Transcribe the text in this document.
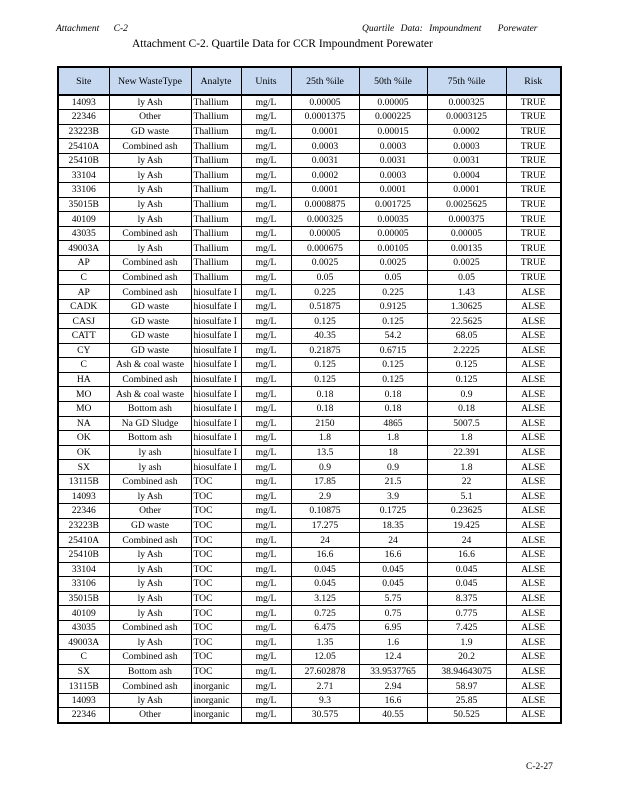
Attachment C-2	Quartile Data: Impoundment Porewater
Attachment C-2. Quartile Data for CCR Impoundment Porewater
Site	New WasteType	Analyte	Units	25th %ile	50th %ile	75th %ile	Risk
14093	ly Ash	Thallium	mg/L	0.00005	0.00005	0.000325	TRUE
22346	Other	Thallium	mg/L	0.0001375	0.000225	0.0003125	TRUE
23223B	GD waste	Thallium	mg/L	0.0001	0.00015	0.0002	TRUE
25410A	Combined ash	Thallium	mg/L	0.0003	0.0003	0.0003	TRUE
25410B	ly Ash	Thallium	mg/L	0.0031	0.0031	0.0031	TRUE
33104	ly Ash	Thallium	mg/L	0.0002	0.0003	0.0004	TRUE
33106	ly Ash	Thallium	mg/L	0.0001	0.0001	0.0001	TRUE
35015B	ly Ash	Thallium	mg/L	0.0008875	0.001725	0.0025625	TRUE
40109	ly Ash	Thallium	mg/L	0.000325	0.00035	0.000375	TRUE
43035	Combined ash	Thallium	mg/L	0.00005	0.00005	0.00005	TRUE
49003A	ly Ash	Thallium	mg/L	0.000675	0.00105	0.00135	TRUE
AP	Combined ash	Thallium	mg/L	0.0025	0.0025	0.0025	TRUE
C	Combined ash	Thallium	mg/L	0.05	0.05	0.05	TRUE
AP	Combined ash	hiosulfate I	mg/L	0.225	0.225	1.43	ALSE
CADK	GD waste	hiosulfate I	mg/L	0.51875	0.9125	1.30625	ALSE
CASJ	GD waste	hiosulfate I	mg/L	0.125	0.125	22.5625	ALSE
CATT	GD waste	hiosulfate I	mg/L	40.35	54.2	68.05	ALSE
CY	GD waste	hiosulfate I	mg/L	0.21875	0.6715	2.2225	ALSE
C	Ash & coal waste	hiosulfate I	mg/L	0.125	0.125	0.125	ALSE
HA	Combined ash	hiosulfate I	mg/L	0.125	0.125	0.125	ALSE
MO	Ash & coal waste	hiosulfate I	mg/L	0.18	0.18	0.9	ALSE
MO	Bottom ash	hiosulfate I	mg/L	0.18	0.18	0.18	ALSE
NA	Na GD Sludge	hiosulfate I	mg/L	2150	4865	5007.5	ALSE
OK	Bottom ash	hiosulfate I	mg/L	1.8	1.8	1.8	ALSE
OK	ly ash	hiosulfate I	mg/L	13.5	18	22.391	ALSE
SX	ly ash	hiosulfate I	mg/L	0.9	0.9	1.8	ALSE
13115B	Combined ash	TOC	mg/L	17.85	21.5	22	ALSE
14093	ly Ash	TOC	mg/L	2.9	3.9	5.1	ALSE
22346	Other	TOC	mg/L	0.10875	0.1725	0.23625	ALSE
23223B	GD waste	TOC	mg/L	17.275	18.35	19.425	ALSE
25410A	Combined ash	TOC	mg/L	24	24	24	ALSE
25410B	ly Ash	TOC	mg/L	16.6	16.6	16.6	ALSE
33104	ly Ash	TOC	mg/L	0.045	0.045	0.045	ALSE
33106	ly Ash	TOC	mg/L	0.045	0.045	0.045	ALSE
35015B	ly Ash	TOC	mg/L	3.125	5.75	8.375	ALSE
40109	ly Ash	TOC	mg/L	0.725	0.75	0.775	ALSE
43035	Combined ash	TOC	mg/L	6.475	6.95	7.425	ALSE
49003A	ly Ash	TOC	mg/L	1.35	1.6	1.9	ALSE
C	Combined ash	TOC	mg/L	12.05	12.4	20.2	ALSE
SX	Bottom ash	TOC	mg/L	27.602878	33.9537765	38.94643075	ALSE
13115B	Combined ash	inorganic	mg/L	2.71	2.94	58.97	ALSE
14093	ly Ash	inorganic	mg/L	9.3	16.6	25.85	ALSE
22346	Other	inorganic	mg/L	30.575	40.55	50.525	ALSE
C-2-27
